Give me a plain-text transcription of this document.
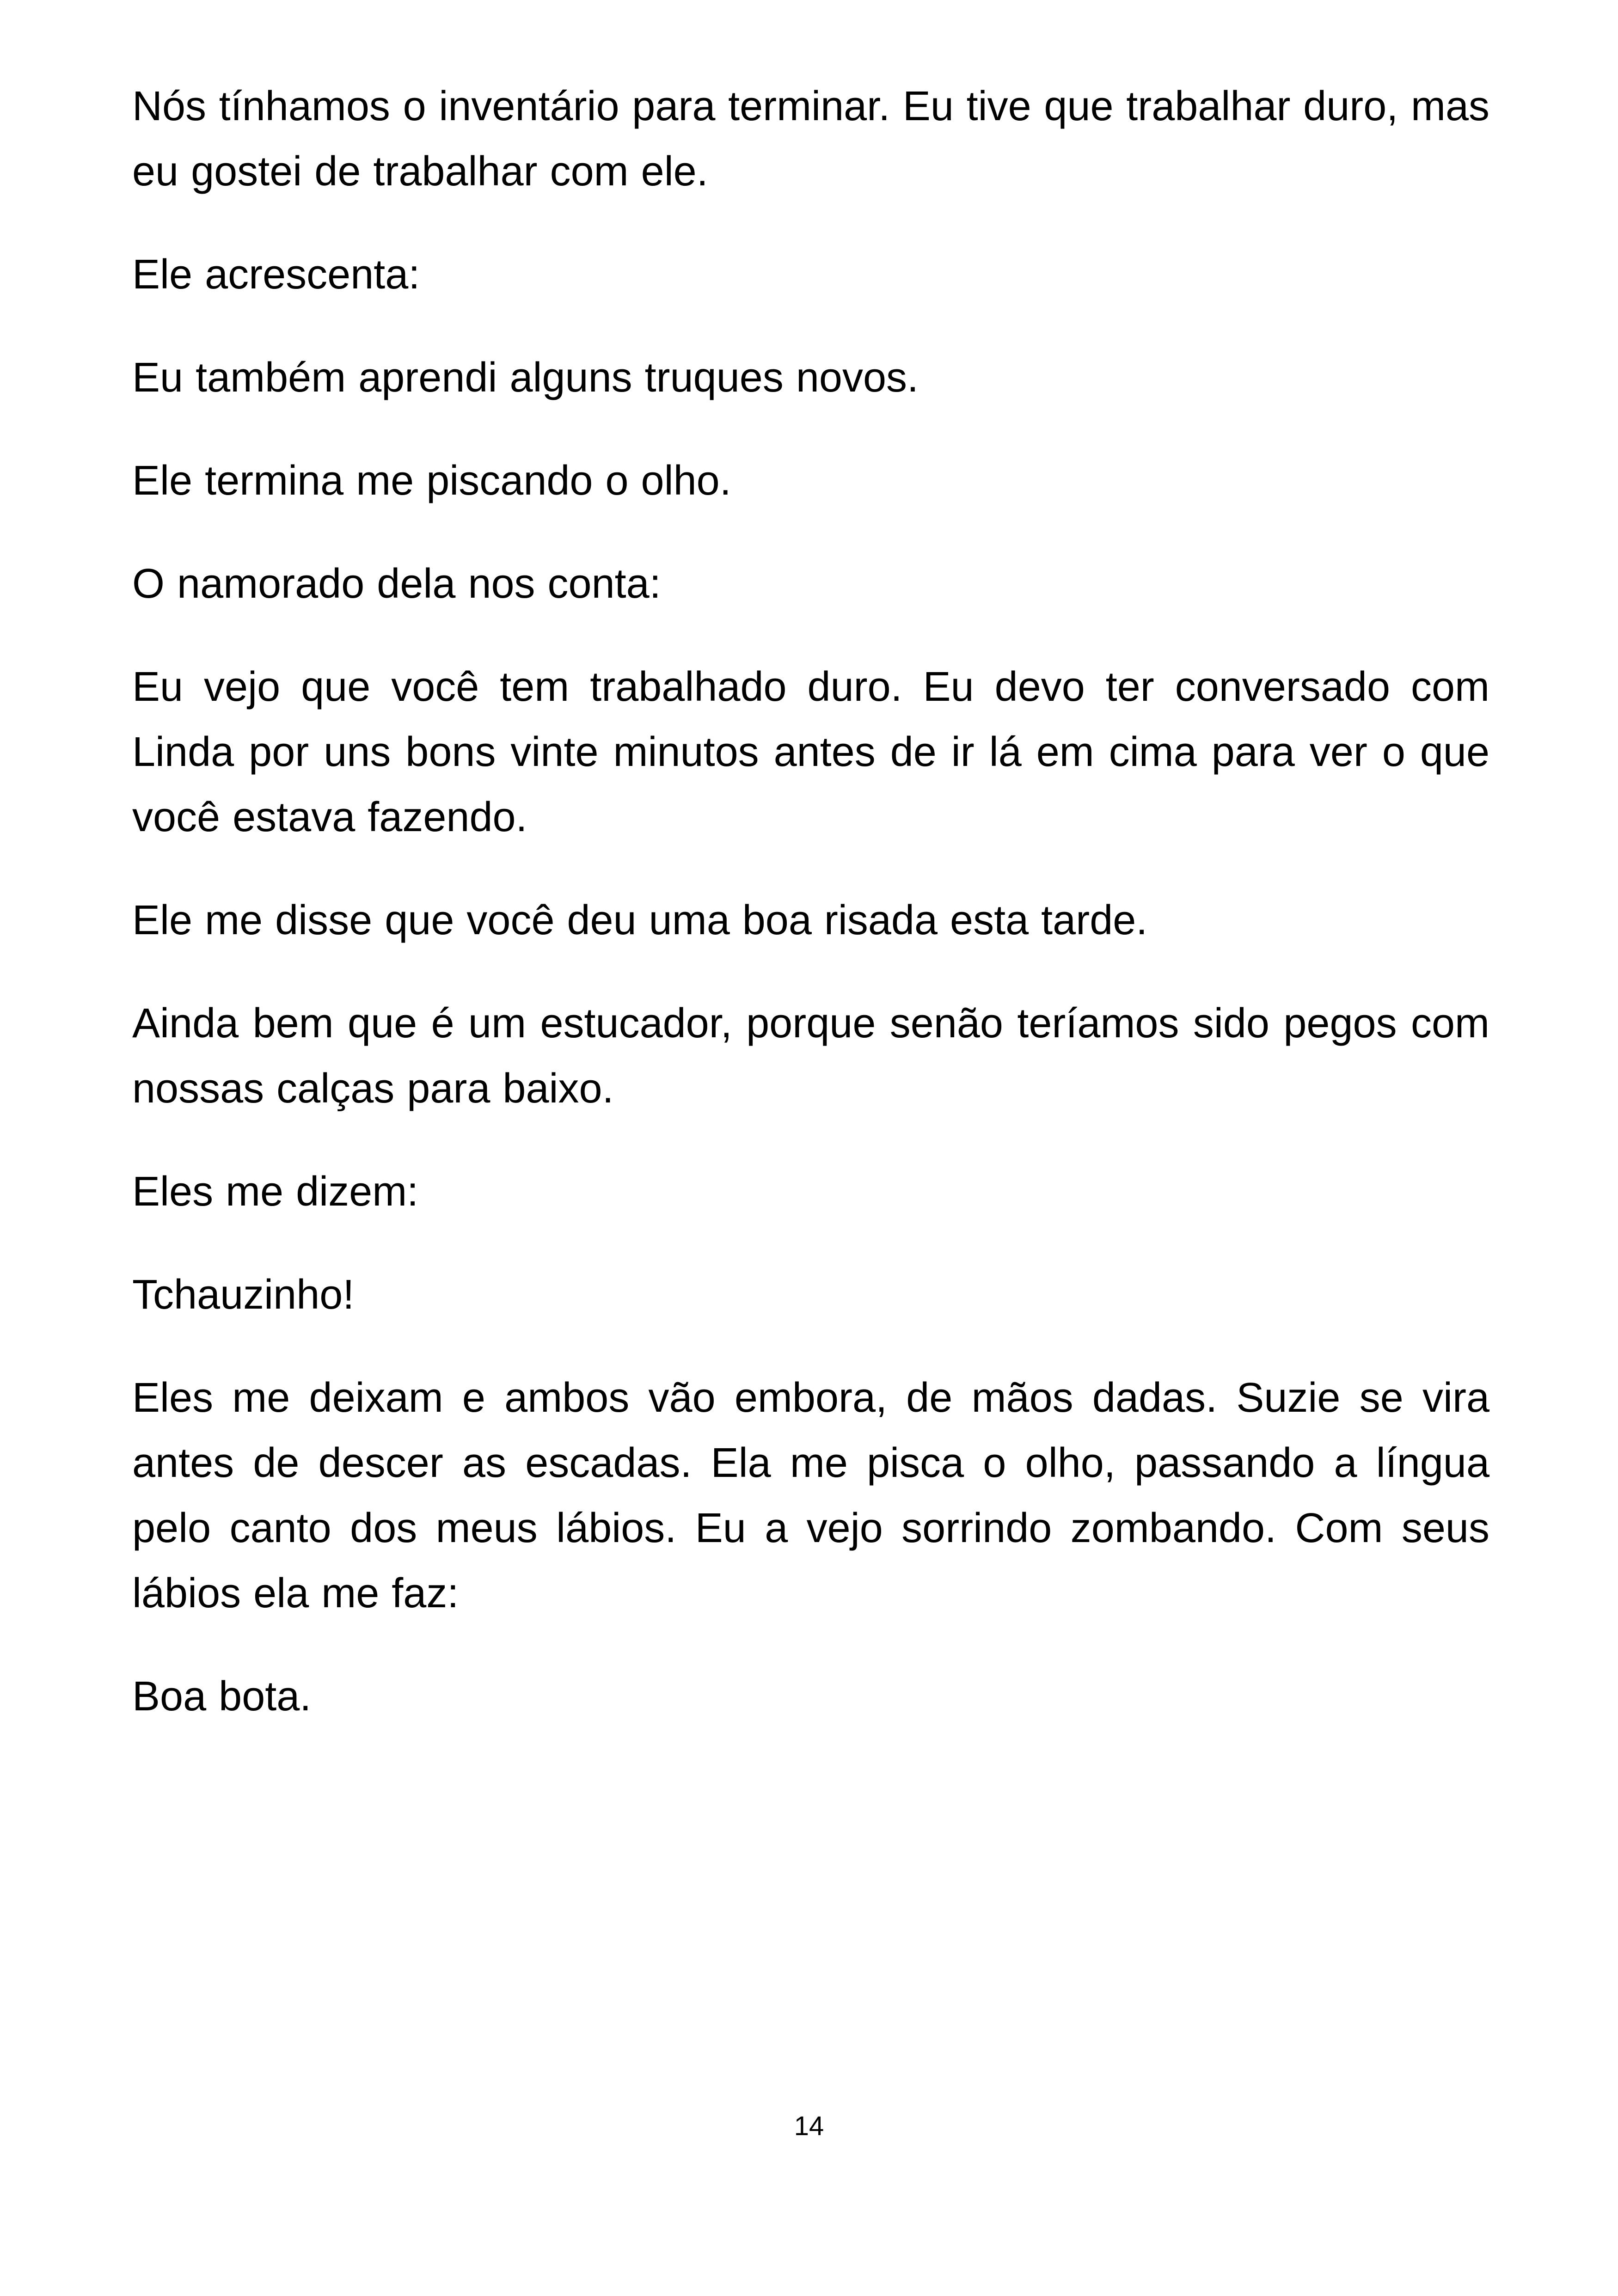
Nós tínhamos o inventário para terminar. Eu tive que trabalhar duro, mas eu gostei de trabalhar com ele.

Ele acrescenta:

Eu também aprendi alguns truques novos.

Ele termina me piscando o olho.

O namorado dela nos conta:

Eu vejo que você tem trabalhado duro. Eu devo ter conversado com Linda por uns bons vinte minutos antes de ir lá em cima para ver o que você estava fazendo.

Ele me disse que você deu uma boa risada esta tarde.

Ainda bem que é um estucador, porque senão teríamos sido pegos com nossas calças para baixo.

Eles me dizem:

Tchauzinho!

Eles me deixam e ambos vão embora, de mãos dadas. Suzie se vira antes de descer as escadas. Ela me pisca o olho, passando a língua pelo canto dos meus lábios. Eu a vejo sorrindo zombando. Com seus lábios ela me faz:

Boa bota.

14
